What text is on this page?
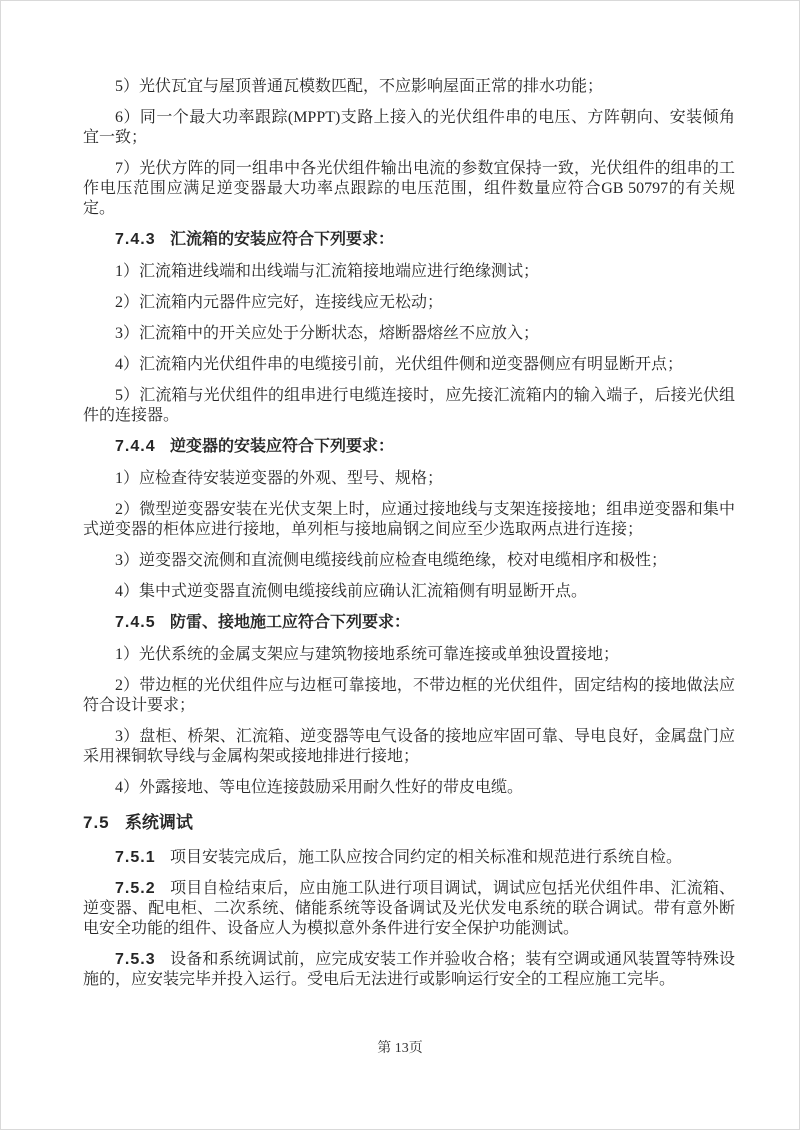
5）光伏瓦宜与屋顶普通瓦模数匹配，不应影响屋面正常的排水功能；

6）同一个最大功率跟踪(MPPT)支路上接入的光伏组件串的电压、方阵朝向、安装倾角宜一致；

7）光伏方阵的同一组串中各光伏组件输出电流的参数宜保持一致，光伏组件的组串的工作电压范围应满足逆变器最大功率点跟踪的电压范围，组件数量应符合GB 50797的有关规定。

7.4.3 汇流箱的安装应符合下列要求：

1）汇流箱进线端和出线端与汇流箱接地端应进行绝缘测试；

2）汇流箱内元器件应完好，连接线应无松动；

3）汇流箱中的开关应处于分断状态，熔断器熔丝不应放入；

4）汇流箱内光伏组件串的电缆接引前，光伏组件侧和逆变器侧应有明显断开点；

5）汇流箱与光伏组件的组串进行电缆连接时，应先接汇流箱内的输入端子，后接光伏组件的连接器。

7.4.4 逆变器的安装应符合下列要求：

1）应检查待安装逆变器的外观、型号、规格；

2）微型逆变器安装在光伏支架上时，应通过接地线与支架连接接地；组串逆变器和集中式逆变器的柜体应进行接地，单列柜与接地扁钢之间应至少选取两点进行连接；

3）逆变器交流侧和直流侧电缆接线前应检查电缆绝缘，校对电缆相序和极性；

4）集中式逆变器直流侧电缆接线前应确认汇流箱侧有明显断开点。

7.4.5 防雷、接地施工应符合下列要求：

1）光伏系统的金属支架应与建筑物接地系统可靠连接或单独设置接地；

2）带边框的光伏组件应与边框可靠接地，不带边框的光伏组件，固定结构的接地做法应符合设计要求；

3）盘柜、桥架、汇流箱、逆变器等电气设备的接地应牢固可靠、导电良好，金属盘门应采用裸铜软导线与金属构架或接地排进行接地；

4）外露接地、等电位连接鼓励采用耐久性好的带皮电缆。

7.5 系统调试

7.5.1 项目安装完成后，施工队应按合同约定的相关标准和规范进行系统自检。

7.5.2 项目自检结束后，应由施工队进行项目调试，调试应包括光伏组件串、汇流箱、逆变器、配电柜、二次系统、储能系统等设备调试及光伏发电系统的联合调试。带有意外断电安全功能的组件、设备应人为模拟意外条件进行安全保护功能测试。

7.5.3 设备和系统调试前，应完成安装工作并验收合格；装有空调或通风装置等特殊设施的，应安装完毕并投入运行。受电后无法进行或影响运行安全的工程应施工完毕。

第 13页
